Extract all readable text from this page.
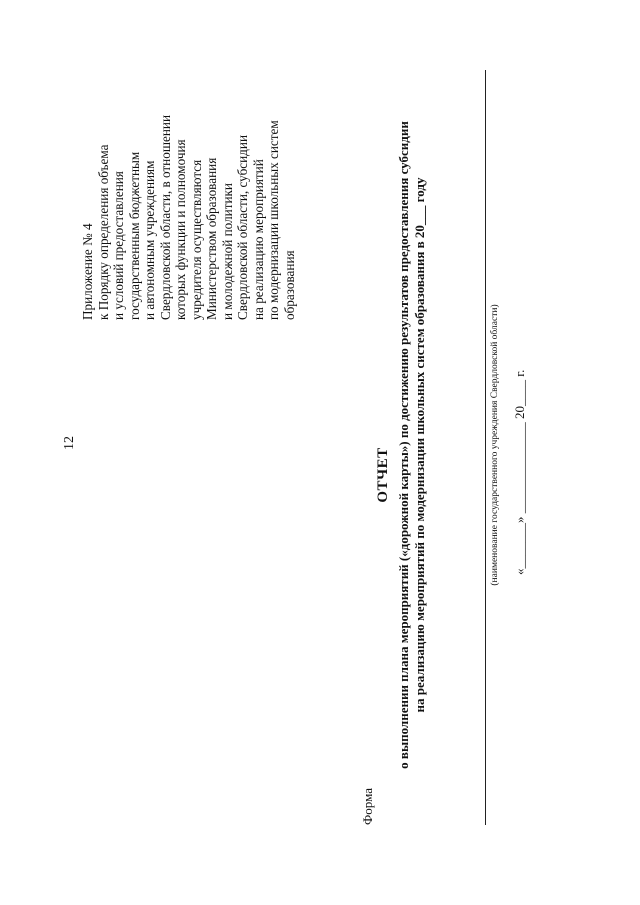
12
Приложение № 4 к Порядку определения объема и условий предоставления государственным бюджетным и автономным учреждениям Свердловской области, в отношении которых функции и полномочия учредителя осуществляются Министерством образования и молодежной политики Свердловской области, субсидии на реализацию мероприятий по модернизации школьных систем образования
Форма
ОТЧЕТ о выполнении плана мероприятий («дорожной карты») по достижению результатов предоставления субсидии на реализацию мероприятий по модернизации школьных систем образования в 20___ году	(наименование государственного учреждения Свердловской области) «_______» ______________ 20____ г.
